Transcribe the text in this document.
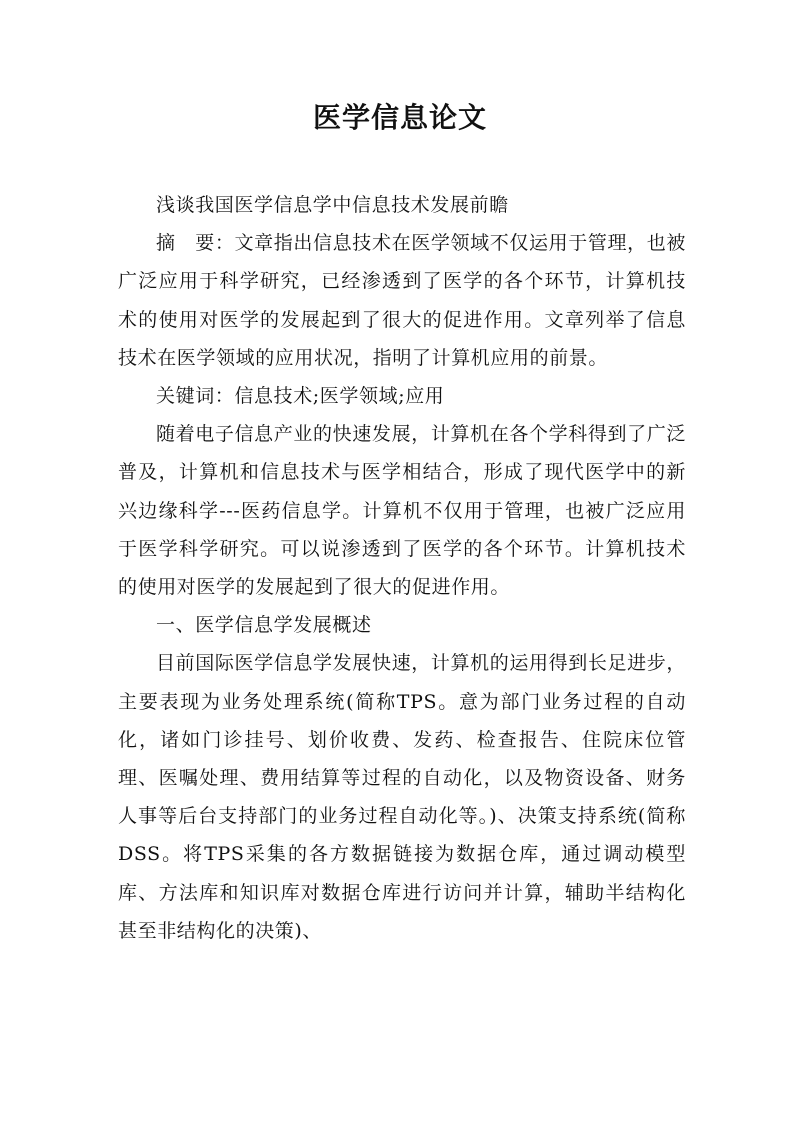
医学信息论文

浅谈我国医学信息学中信息技术发展前瞻

摘　要：文章指出信息技术在医学领域不仅运用于管理，也被广泛应用于科学研究，已经渗透到了医学的各个环节，计算机技术的使用对医学的发展起到了很大的促进作用。文章列举了信息技术在医学领域的应用状况，指明了计算机应用的前景。

关键词：信息技术;医学领域;应用

随着电子信息产业的快速发展，计算机在各个学科得到了广泛普及，计算机和信息技术与医学相结合，形成了现代医学中的新兴边缘科学---医药信息学。计算机不仅用于管理，也被广泛应用于医学科学研究。可以说渗透到了医学的各个环节。计算机技术的使用对医学的发展起到了很大的促进作用。

一、医学信息学发展概述

目前国际医学信息学发展快速，计算机的运用得到长足进步，主要表现为业务处理系统(简称TPS。意为部门业务过程的自动化，诸如门诊挂号、划价收费、发药、检查报告、住院床位管理、医嘱处理、费用结算等过程的自动化，以及物资设备、财务人事等后台支持部门的业务过程自动化等。)、决策支持系统(简称DSS。将TPS采集的各方数据链接为数据仓库，通过调动模型库、方法库和知识库对数据仓库进行访问并计算，辅助半结构化甚至非结构化的决策)、
